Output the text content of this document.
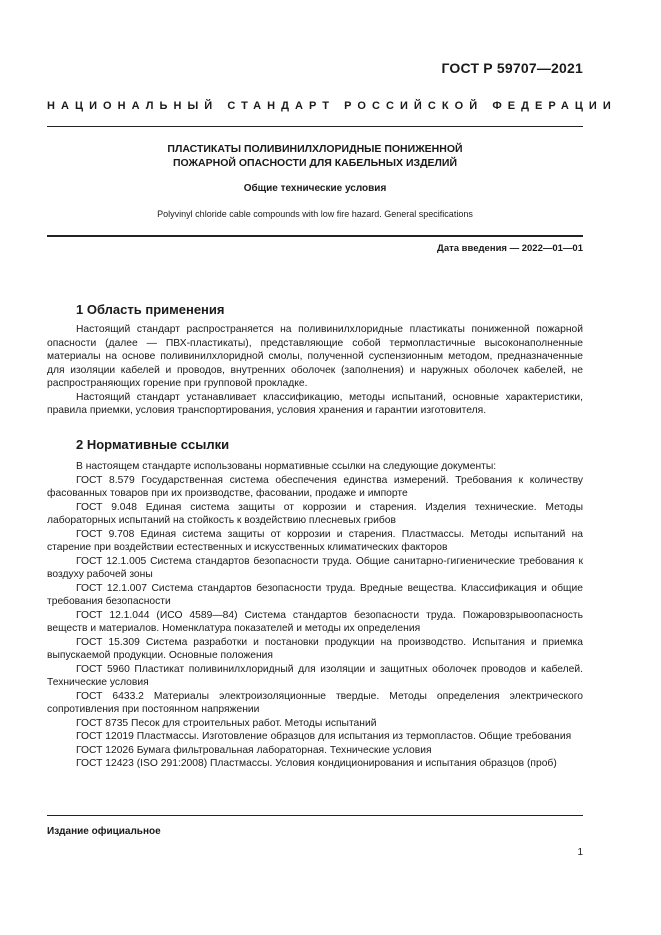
ГОСТ Р 59707—2021
НАЦИОНАЛЬНЫЙ СТАНДАРТ РОССИЙСКОЙ ФЕДЕРАЦИИ
ПЛАСТИКАТЫ ПОЛИВИНИЛХЛОРИДНЫЕ ПОНИЖЕННОЙ
ПОЖАРНОЙ ОПАСНОСТИ ДЛЯ КАБЕЛЬНЫХ ИЗДЕЛИЙ
Общие технические условия
Polyvinyl chloride cable compounds with low fire hazard. General specifications
Дата введения — 2022—01—01
1 Область применения

Настоящий стандарт распространяется на поливинилхлоридные пластикаты пониженной пожарной опасности (далее — ПВХ-пластикаты), представляющие собой термопластичные высоконаполненные материалы на основе поливинилхлоридной смолы, полученной суспензионным методом, предназначенные для изоляции кабелей и проводов, внутренних оболочек (заполнения) и наружных оболочек кабелей, не распространяющих горение при групповой прокладке.

Настоящий стандарт устанавливает классификацию, методы испытаний, основные характеристики, правила приемки, условия транспортирования, условия хранения и гарантии изготовителя.

2 Нормативные ссылки

В настоящем стандарте использованы нормативные ссылки на следующие документы:

ГОСТ 8.579 Государственная система обеспечения единства измерений. Требования к количеству фасованных товаров при их производстве, фасовании, продаже и импорте

ГОСТ 9.048 Единая система защиты от коррозии и старения. Изделия технические. Методы лабораторных испытаний на стойкость к воздействию плесневых грибов

ГОСТ 9.708 Единая система защиты от коррозии и старения. Пластмассы. Методы испытаний на старение при воздействии естественных и искусственных климатических факторов

ГОСТ 12.1.005 Система стандартов безопасности труда. Общие санитарно-гигиенические требования к воздуху рабочей зоны

ГОСТ 12.1.007 Система стандартов безопасности труда. Вредные вещества. Классификация и общие требования безопасности

ГОСТ 12.1.044 (ИСО 4589—84) Система стандартов безопасности труда. Пожаровзрывоопасность веществ и материалов. Номенклатура показателей и методы их определения

ГОСТ 15.309 Система разработки и постановки продукции на производство. Испытания и приемка выпускаемой продукции. Основные положения

ГОСТ 5960 Пластикат поливинилхлоридный для изоляции и защитных оболочек проводов и кабелей. Технические условия

ГОСТ 6433.2 Материалы электроизоляционные твердые. Методы определения электрического сопротивления при постоянном напряжении

ГОСТ 8735 Песок для строительных работ. Методы испытаний

ГОСТ 12019 Пластмассы. Изготовление образцов для испытания из термопластов. Общие требования

ГОСТ 12026 Бумага фильтровальная лабораторная. Технические условия

ГОСТ 12423 (ISO 291:2008) Пластмассы. Условия кондиционирования и испытания образцов (проб)

Издание официальное
1
